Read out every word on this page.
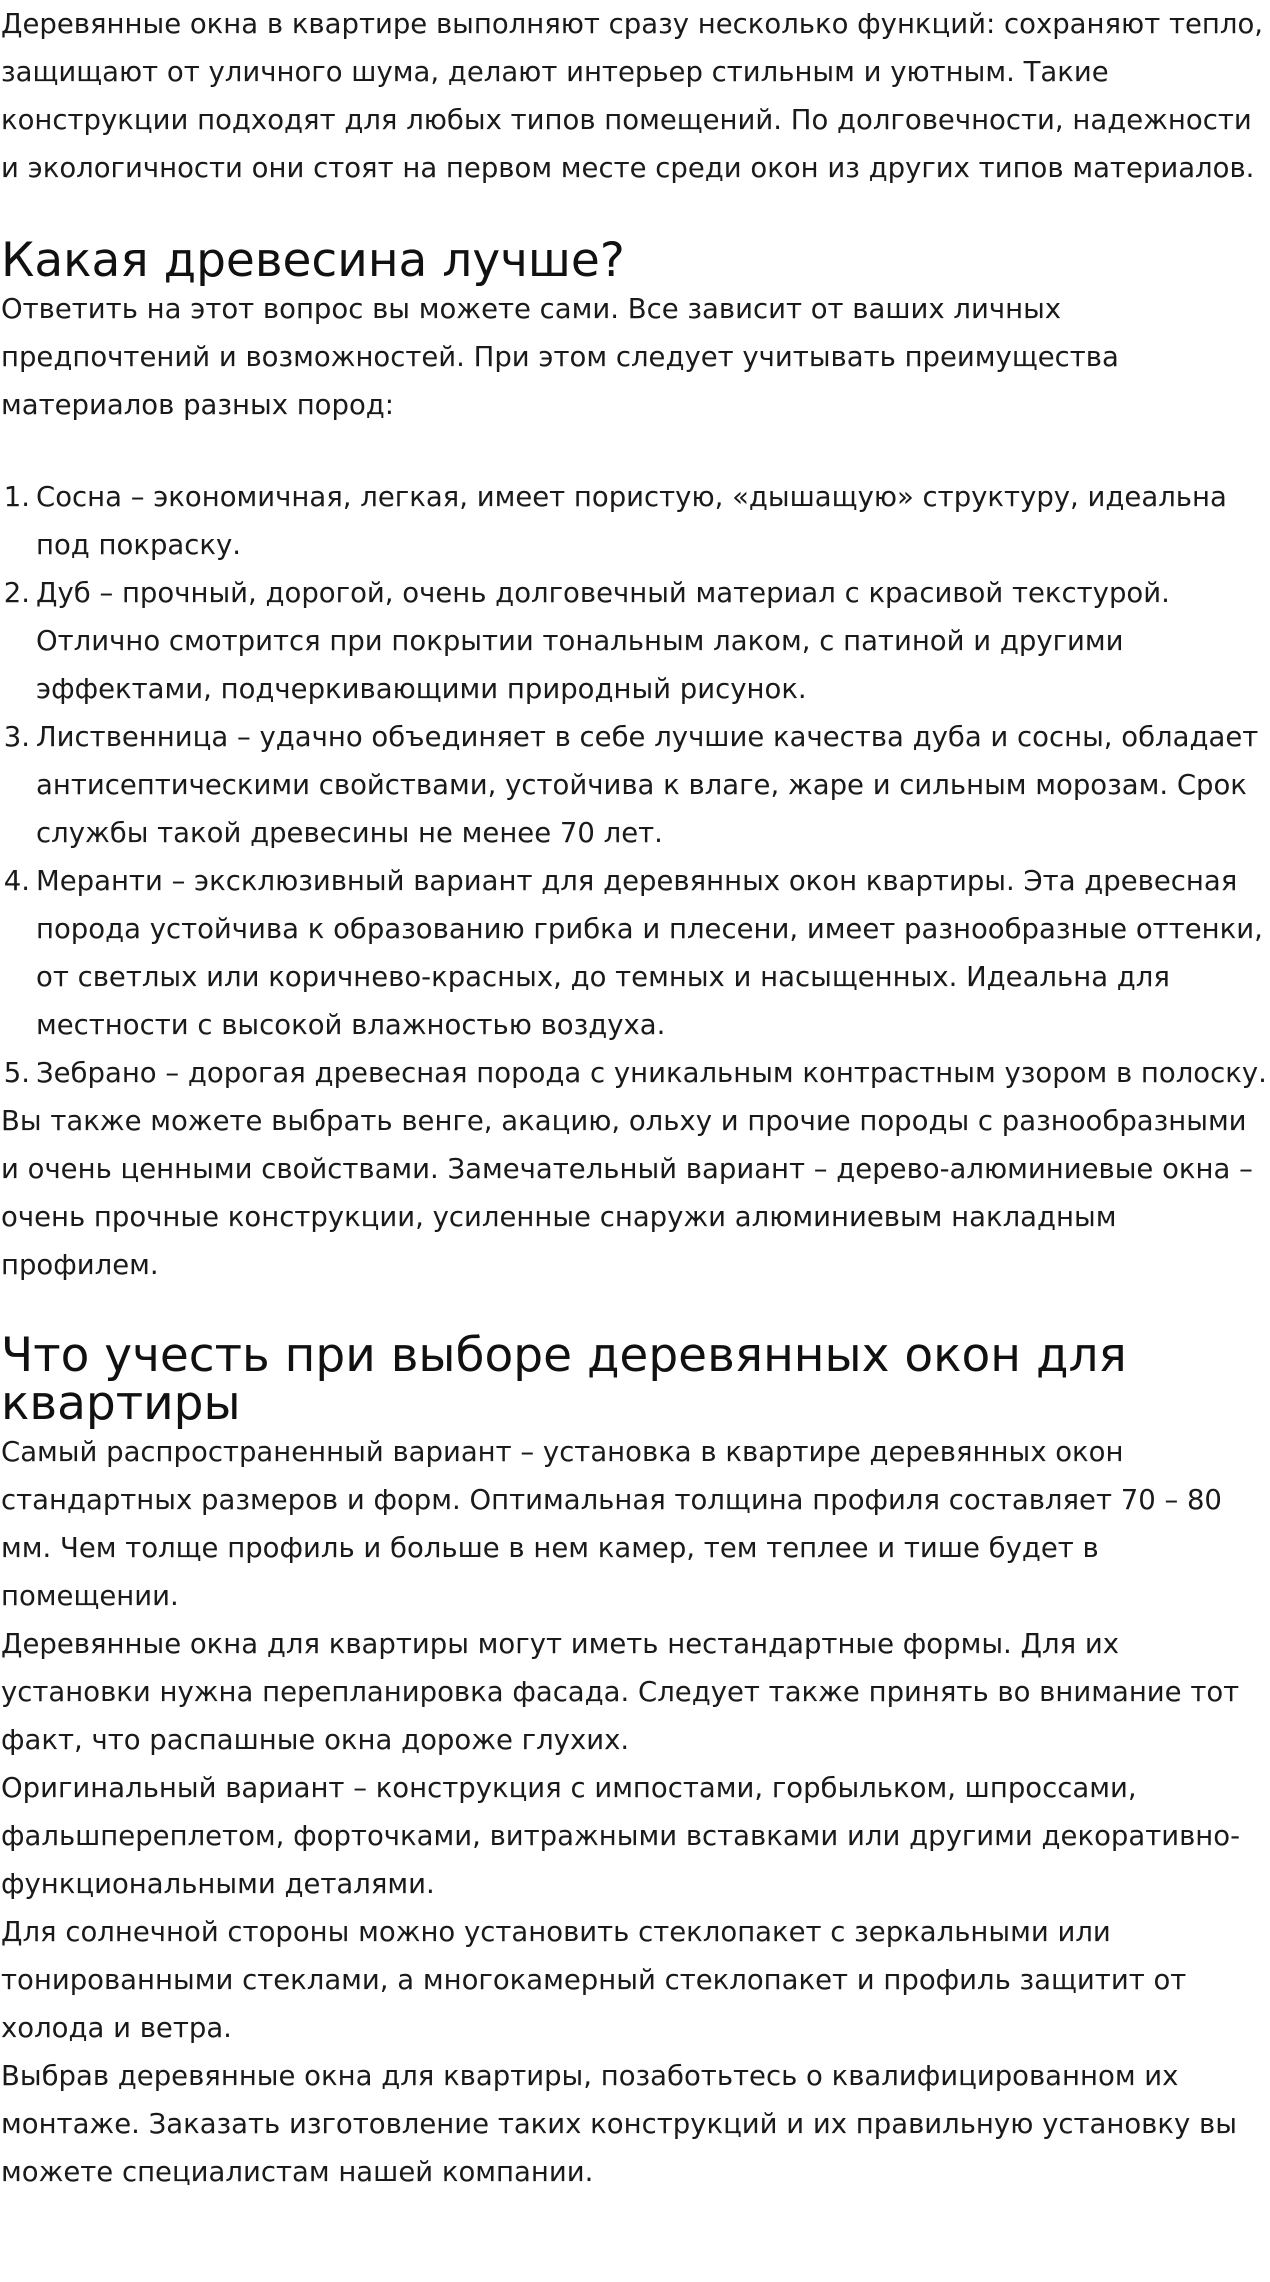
Деревянные окна в квартире выполняют сразу несколько функций: сохраняют тепло, защищают от уличного шума, делают интерьер стильным и уютным. Такие конструкции подходят для любых типов помещений. По долговечности, надежности и экологичности они стоят на первом месте среди окон из других типов материалов.

Какая древесина лучше?

Ответить на этот вопрос вы можете сами. Все зависит от ваших личных предпочтений и возможностей. При этом следует учитывать преимущества материалов разных пород:

Сосна – экономичная, легкая, имеет пористую, «дышащую» структуру, идеальна под покраску.
Дуб – прочный, дорогой, очень долговечный материал с красивой текстурой. Отлично смотрится при покрытии тональным лаком, с патиной и другими эффектами, подчеркивающими природный рисунок.
Лиственница – удачно объединяет в себе лучшие качества дуба и сосны, обладает антисептическими свойствами, устойчива к влаге, жаре и сильным морозам. Срок службы такой древесины не менее 70 лет.
Меранти – эксклюзивный вариант для деревянных окон квартиры. Эта древесная порода устойчива к образованию грибка и плесени, имеет разнообразные оттенки, от светлых или коричнево-красных, до темных и насыщенных. Идеальна для местности с высокой влажностью воздуха.
Зебрано – дорогая древесная порода с уникальным контрастным узором в полоску.

Вы также можете выбрать венге, акацию, ольху и прочие породы с разнообразными и очень ценными свойствами. Замечательный вариант – дерево-алюминиевые окна – очень прочные конструкции, усиленные снаружи алюминиевым накладным профилем.

Что учесть при выборе деревянных окон для квартиры

Самый распространенный вариант – установка в квартире деревянных окон стандартных размеров и форм. Оптимальная толщина профиля составляет 70 – 80 мм. Чем толще профиль и больше в нем камер, тем теплее и тише будет в помещении.

Деревянные окна для квартиры могут иметь нестандартные формы. Для их установки нужна перепланировка фасада. Следует также принять во внимание тот факт, что распашные окна дороже глухих.

Оригинальный вариант – конструкция с импостами, горбыльком, шпроссами, фальшпереплетом, форточками, витражными вставками или другими декоративно-функциональными деталями.

Для солнечной стороны можно установить стеклопакет с зеркальными или тонированными стеклами, а многокамерный стеклопакет и профиль защитит от холода и ветра.

Выбрав деревянные окна для квартиры, позаботьтесь о квалифицированном их монтаже. Заказать изготовление таких конструкций и их правильную установку вы можете специалистам нашей компании.
